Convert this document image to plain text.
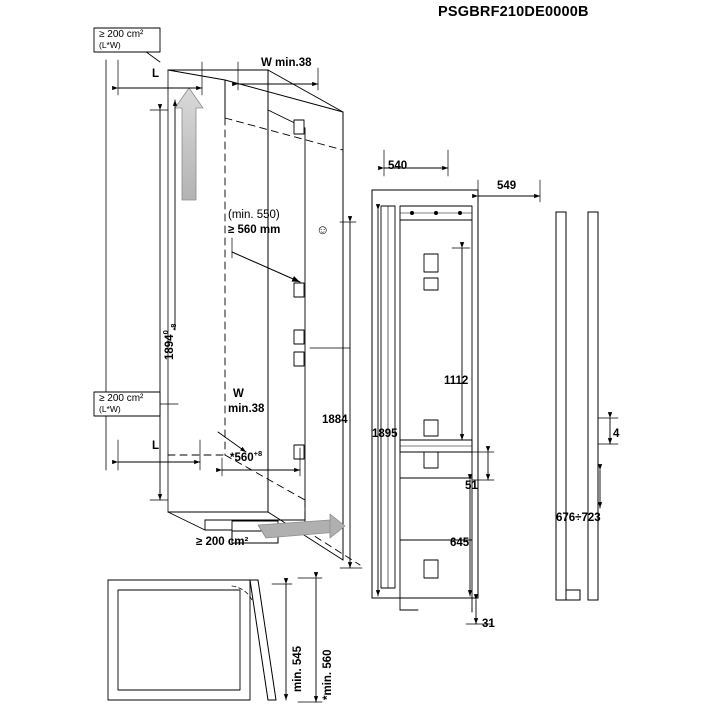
PSGBRF210DE0000B
≥ 200 cm²
(L*W)
L
W min.38
(min. 550)
≥ 560 mm	☺
$1894^0_{-8}$
≥ 200 cm²
(L*W)
W
min.38
L
$*560^{+8}$
1884
≥ 200 cm²
540
549
1895
1112
51
645
31
4
676÷723
min. 545
*min. 560
